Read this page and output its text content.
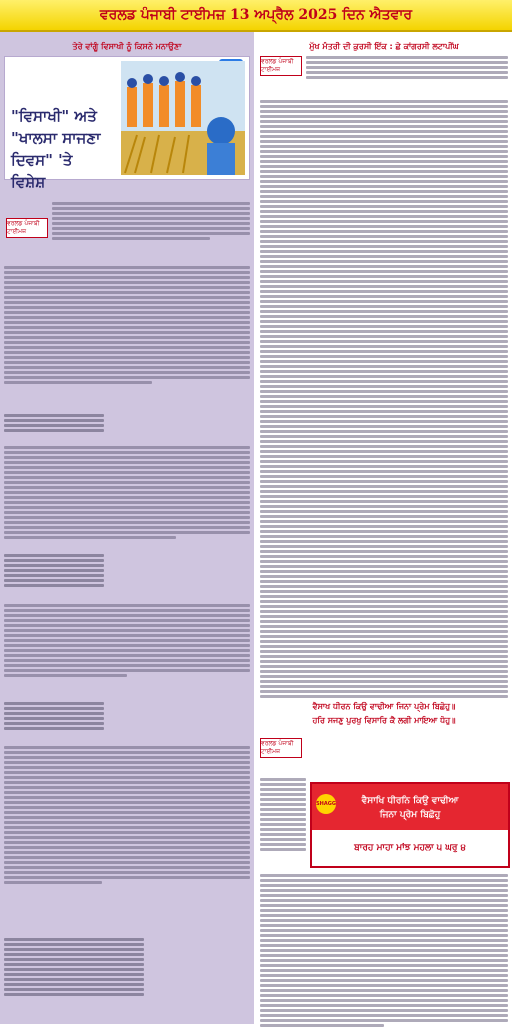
ਵਰਲਡ ਪੰਜਾਬੀ ਟਾਈਮਜ਼ 13 ਅਪ੍ਰੈਲ 2025 ਦਿਨ ਐਤਵਾਰ
ਤੇਰੇ ਵਾਂਗੂੰ ਵਿਸਾਖੀ ਨੂੰ ਕਿਸਨੇ ਮਨਾਉਣਾ
"ਵਿਸਾਖੀ" ਅਤੇ "ਖਾਲਸਾ ਸਾਜਣਾ ਦਿਵਸ" 'ਤੇ ਵਿਸ਼ੇਸ਼
ਵਰਲਡ ਪੰਜਾਬੀ ਟਾਈਮਜ਼
ਮੁੱਖ ਮੰਤਰੀ ਦੀ ਕੁਰਸੀ ਇੱਕ : ਛੇ ਕਾਂਗਰਸੀ ਲਟਾਪੀਂਘ
ਵਰਲਡ ਪੰਜਾਬੀ ਟਾਈਮਜ਼
ਵੈਸਾਖ ਧੀਰਨ ਕਿਉ ਵਾਢੀਆ ਜਿਨਾ ਪ੍ਰੇਮ ਬਿਛੋਹੁ॥
ਹਰਿ ਸਜਣੁ ਪੁਰਖੁ ਵਿਸਾਰਿ ਕੈ ਲਗੀ ਮਾਇਆ ਧੋਹੁ॥
ਵਰਲਡ ਪੰਜਾਬੀ ਟਾਈਮਜ਼
SHAGG	ਵੈਸਾਖਿ ਧੀਰਨਿ ਕਿਉ ਵਾਢੀਆ
ਜਿਨਾ ਪ੍ਰੇਮ ਬਿਛੋਹੁ
ਬਾਰਹ ਮਾਹਾ ਮਾਂਝ ਮਹਲਾ ੫ ਘਰੁ ੪
